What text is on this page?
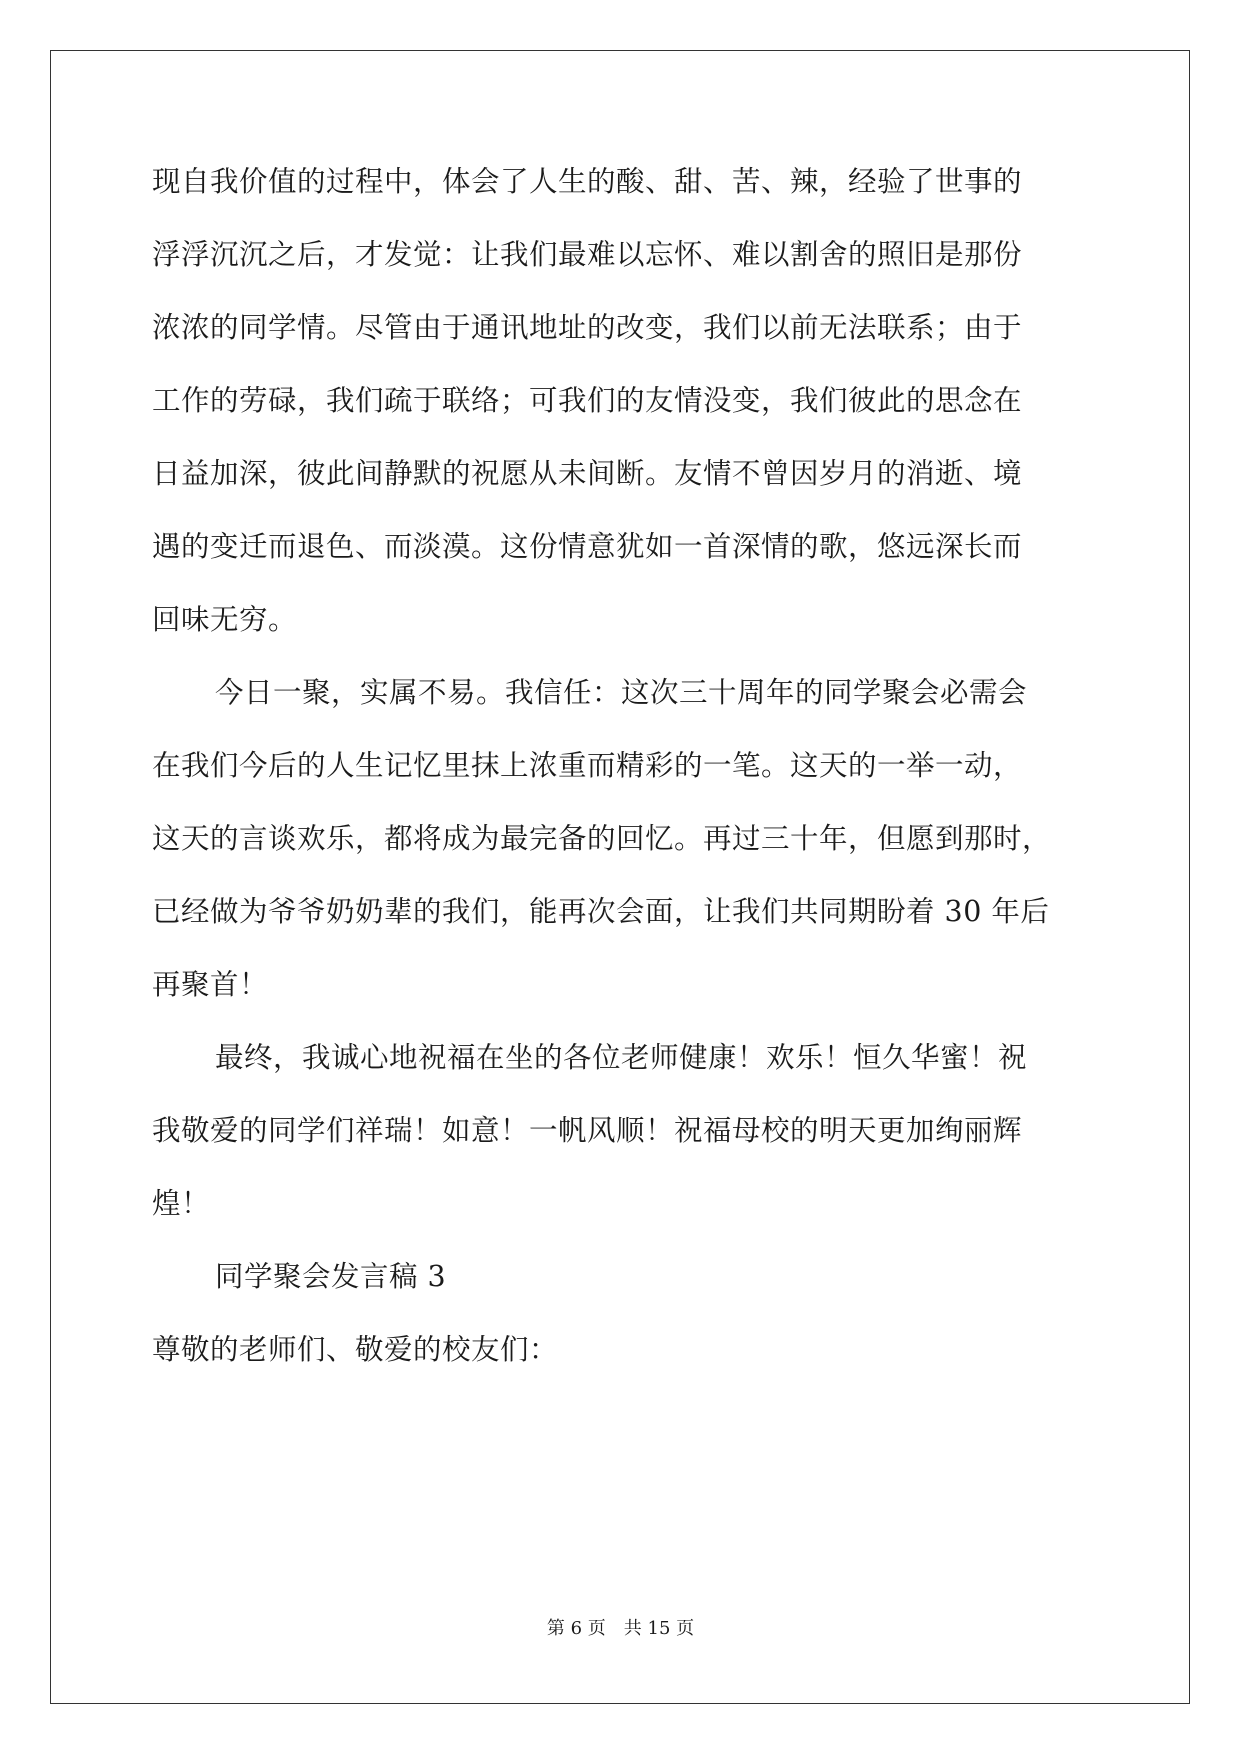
现自我价值的过程中，体会了人生的酸、甜、苦、辣，经验了世事的
浮浮沉沉之后，才发觉：让我们最难以忘怀、难以割舍的照旧是那份
浓浓的同学情。尽管由于通讯地址的改变，我们以前无法联系；由于
工作的劳碌，我们疏于联络；可我们的友情没变，我们彼此的思念在
日益加深，彼此间静默的祝愿从未间断。友情不曾因岁月的消逝、境
遇的变迁而退色、而淡漠。这份情意犹如一首深情的歌，悠远深长而
回味无穷。
今日一聚，实属不易。我信任：这次三十周年的同学聚会必需会
在我们今后的人生记忆里抹上浓重而精彩的一笔。这天的一举一动，
这天的言谈欢乐，都将成为最完备的回忆。再过三十年，但愿到那时，
已经做为爷爷奶奶辈的我们，能再次会面，让我们共同期盼着 30 年后
再聚首！
最终，我诚心地祝福在坐的各位老师健康！欢乐！恒久华蜜！祝
我敬爱的同学们祥瑞！如意！一帆风顺！祝福母校的明天更加绚丽辉
煌！
同学聚会发言稿 3
尊敬的老师们、敬爱的校友们：
第 6 页 共 15 页
